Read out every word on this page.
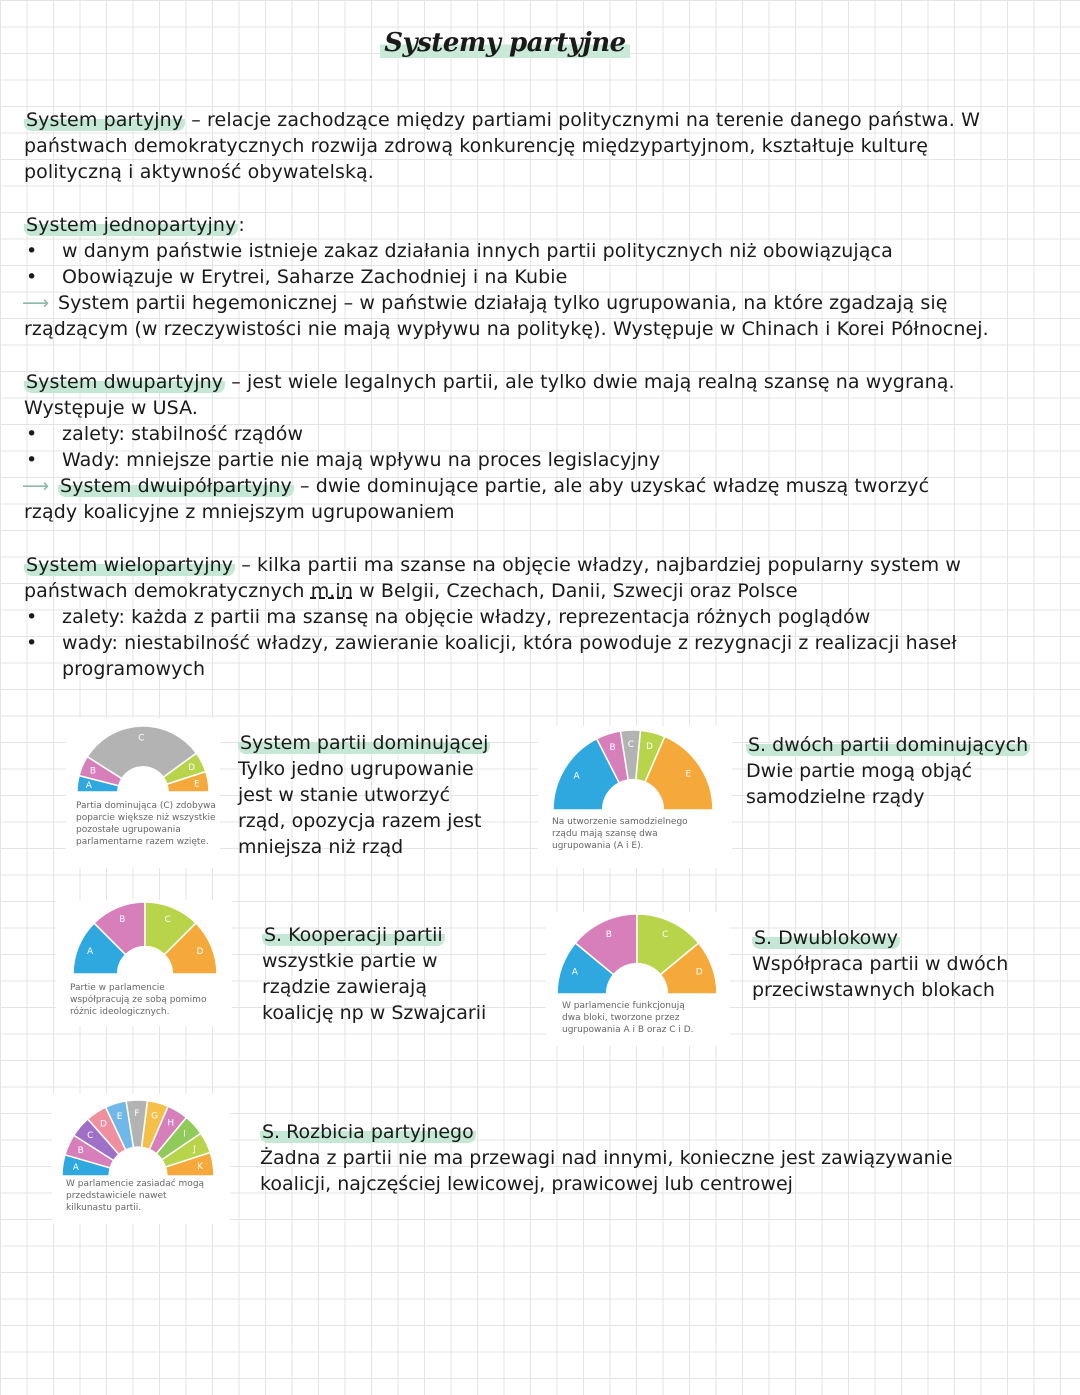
Systemy partyjne
System partyjny – relacje zachodzące między partiami politycznymi na terenie danego państwa. W
państwach demokratycznych rozwija zdrową konkurencję międzypartyjnom, kształtuje kulturę
polityczną i aktywność obywatelską.
System jednopartyjny :
• w danym państwie istnieje zakaz działania innych partii politycznych niż obowiązująca
• Obowiązuje w Erytrei, Saharze Zachodniej i na Kubie
⟶ System partii hegemonicznej – w państwie działają tylko ugrupowania, na które zgadzają się
rządzącym (w rzeczywistości nie mają wypływu na politykę). Występuje w Chinach i Korei Północnej.
System dwupartyjny – jest wiele legalnych partii, ale tylko dwie mają realną szansę na wygraną.
Występuje w USA.
• zalety: stabilność rządów
• Wady: mniejsze partie nie mają wpływu na proces legislacyjny
⟶ System dwuipółpartyjny – dwie dominujące partie, ale aby uzyskać władzę muszą tworzyć
rządy koalicyjne z mniejszym ugrupowaniem
System wielopartyjny – kilka partii ma szanse na objęcie władzy, najbardziej popularny system w
państwach demokratycznych m.in w Belgii, Czechach, Danii, Szwecji oraz Polsce
• zalety: każda z partii ma szansę na objęcie władzy, reprezentacja różnych poglądów
• wady: niestabilność władzy, zawieranie koalicji, która powoduje z rezygnacji z realizacji haseł
programowych
A
B
C
D
E
Partia dominująca (C) zdobywa
poparcie większe niż wszystkie
pozostałe ugrupowania
parlamentarne razem wzięte.
A
B C D
E
Na utworzenie samodzielnego
rządu mają szansę dwa
ugrupowania (A i E).
A
B	C
D
Partie w parlamencie
współpracują ze sobą pomimo
różnic ideologicznych.
A
B	C
D
W parlamencie funkcjonują
dwa bloki, tworzone przez
ugrupowania A i B oraz C i D.
A
B
C
D
E F G
H
I
J
K
W parlamencie zasiadać mogą
przedstawiciele nawet
kilkunastu partii.
System partii dominującej
Tylko jedno ugrupowanie
jest w stanie utworzyć
rząd, opozycja razem jest
mniejsza niż rząd
S. dwóch partii dominujących
Dwie partie mogą objąć
samodzielne rządy
S. Kooperacji partii
wszystkie partie w
rządzie zawierają
koalicję np w Szwajcarii
S. Dwublokowy
Współpraca partii w dwóch
przeciwstawnych blokach
S. Rozbicia partyjnego
Żadna z partii nie ma przewagi nad innymi, konieczne jest zawiązywanie
koalicji, najczęściej lewicowej, prawicowej lub centrowej
